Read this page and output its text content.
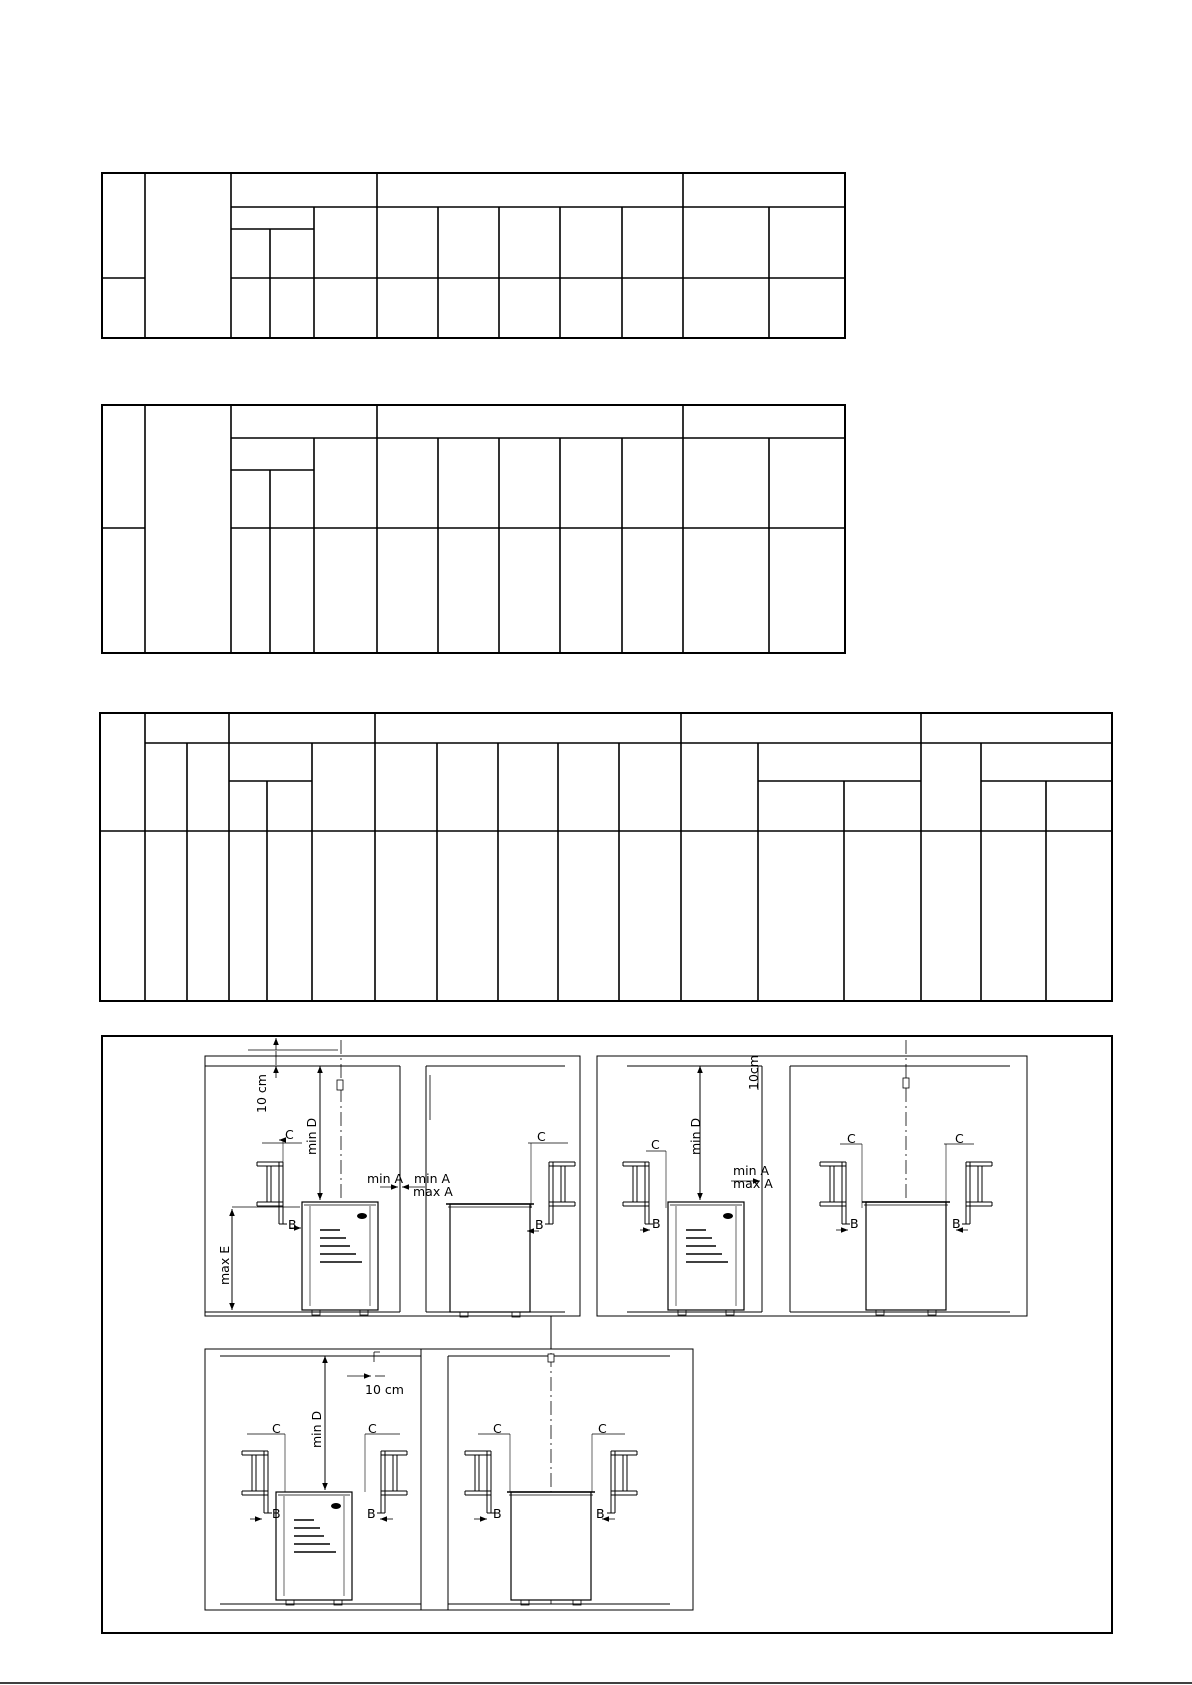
max E
10 cm
min D
C
B
min A min A
max A
C
B
min D
10cm
C
B
min A
max A
C	C
B	B
min D
10 cm
C	C
B	B
C	C
B	B
